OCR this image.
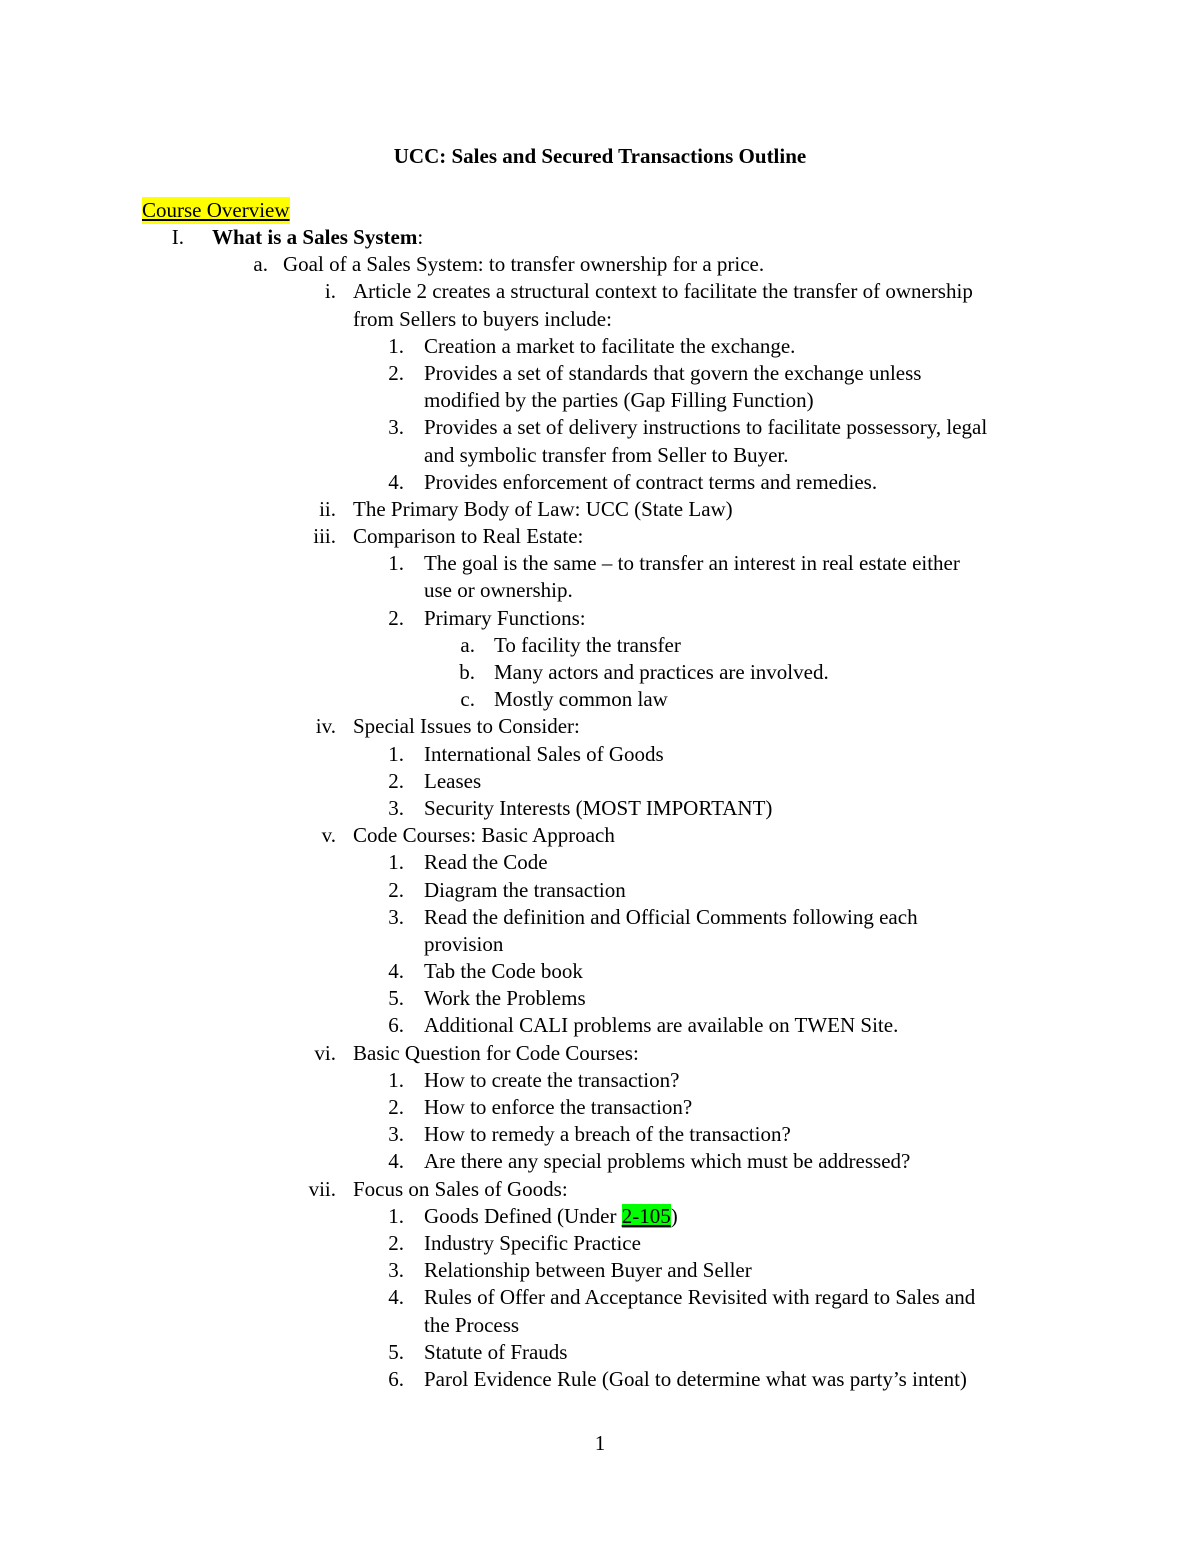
UCC: Sales and Secured Transactions Outline
Course Overview
I. What is a Sales System:
a. Goal of a Sales System: to transfer ownership for a price.
i. Article 2 creates a structural context to facilitate the transfer of ownership
from Sellers to buyers include:
1. Creation a market to facilitate the exchange.
2. Provides a set of standards that govern the exchange unless
modified by the parties (Gap Filling Function)
3. Provides a set of delivery instructions to facilitate possessory, legal
and symbolic transfer from Seller to Buyer.
4. Provides enforcement of contract terms and remedies.
ii. The Primary Body of Law: UCC (State Law)
iii. Comparison to Real Estate:
1. The goal is the same – to transfer an interest in real estate either
use or ownership.
2. Primary Functions:
a. To facility the transfer
b. Many actors and practices are involved.
c. Mostly common law
iv. Special Issues to Consider:
1. International Sales of Goods
2. Leases
3. Security Interests (MOST IMPORTANT)
v. Code Courses: Basic Approach
1. Read the Code
2. Diagram the transaction
3. Read the definition and Official Comments following each
provision
4. Tab the Code book
5. Work the Problems
6. Additional CALI problems are available on TWEN Site.
vi. Basic Question for Code Courses:
1. How to create the transaction?
2. How to enforce the transaction?
3. How to remedy a breach of the transaction?
4. Are there any special problems which must be addressed?
vii. Focus on Sales of Goods:
1. Goods Defined (Under 2-105)
2. Industry Specific Practice
3. Relationship between Buyer and Seller
4. Rules of Offer and Acceptance Revisited with regard to Sales and
the Process
5. Statute of Frauds
6. Parol Evidence Rule (Goal to determine what was party’s intent)
1
